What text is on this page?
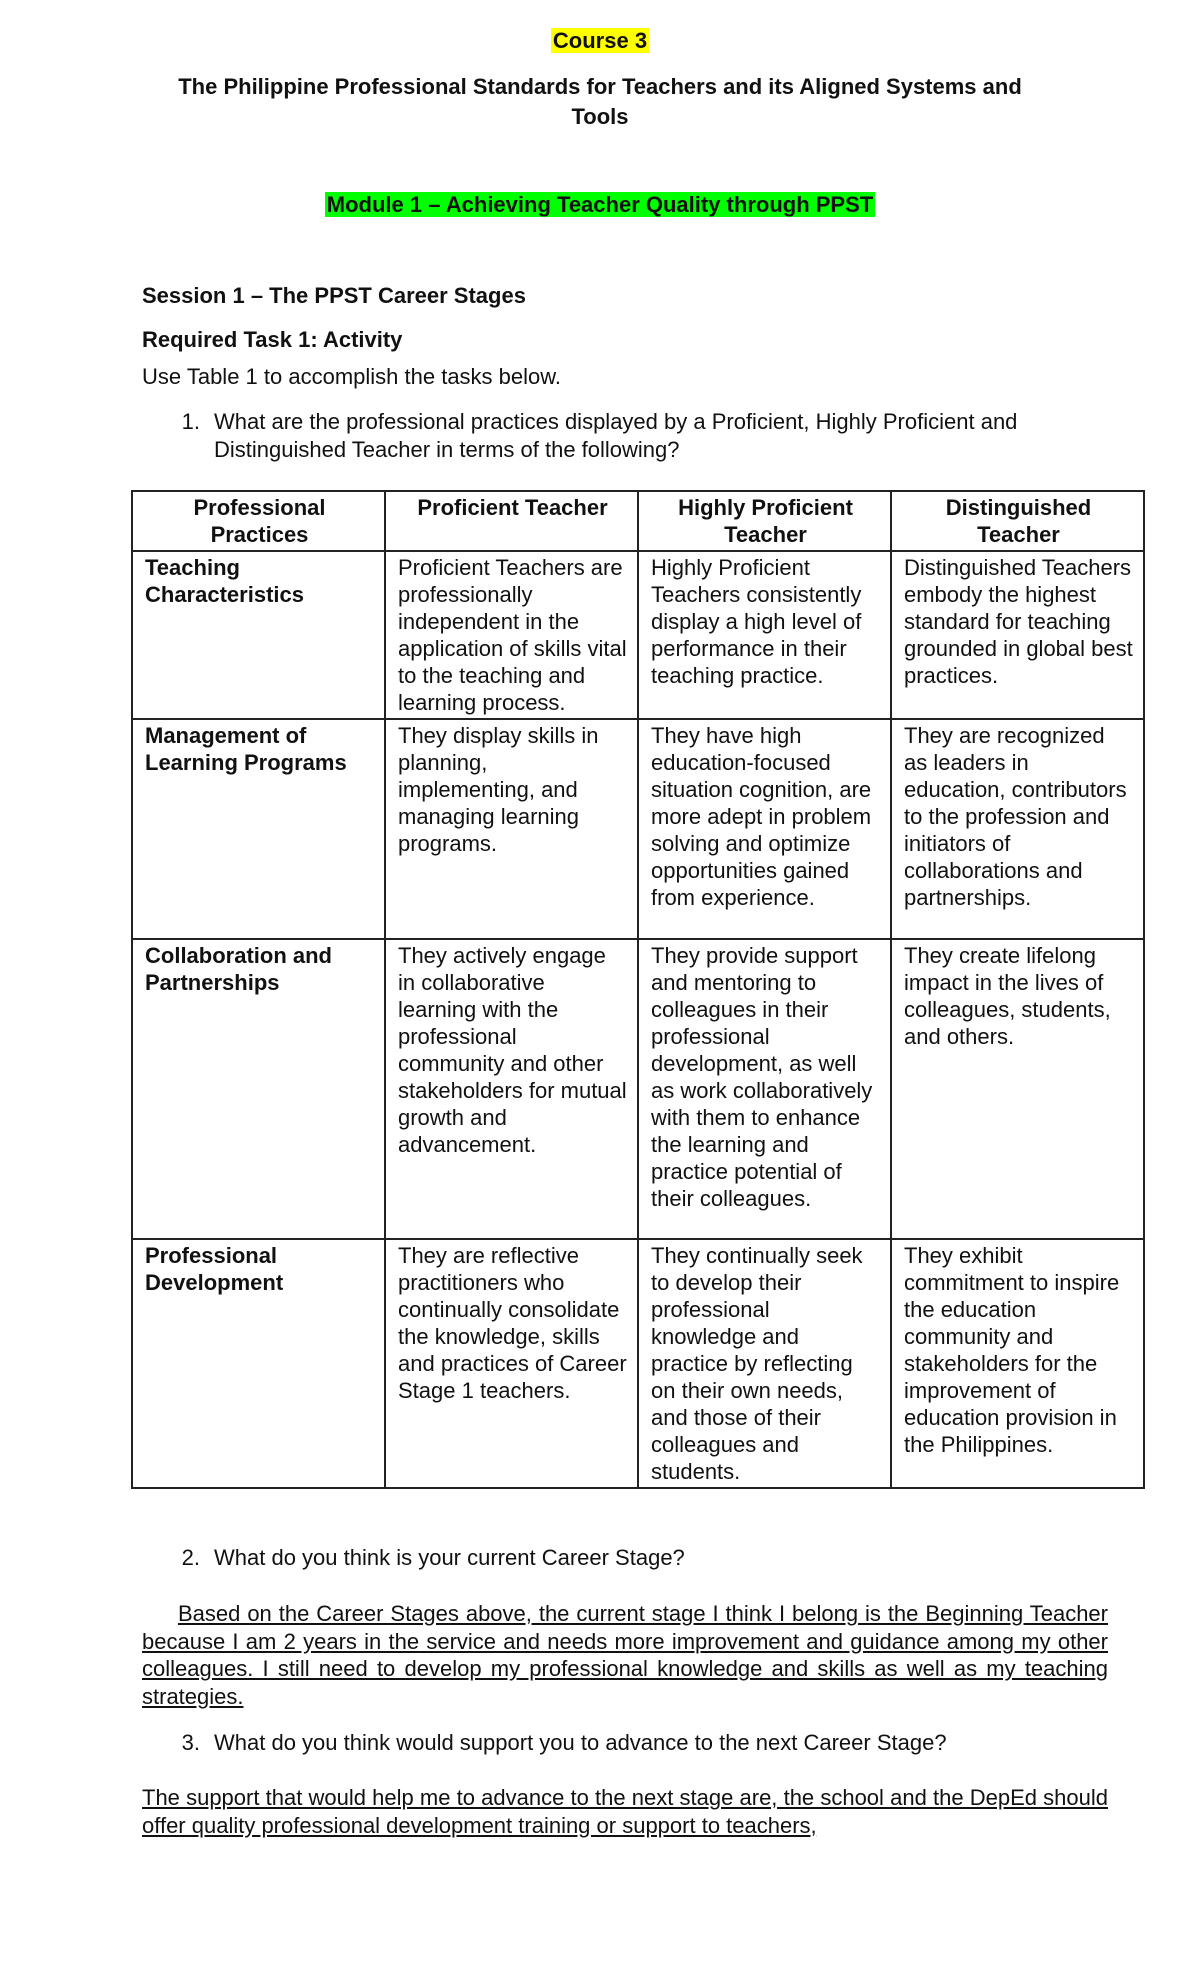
Course 3
The Philippine Professional Standards for Teachers and its Aligned Systems and Tools
Module 1 – Achieving Teacher Quality through PPST
Session 1 – The PPST Career Stages
Required Task 1: Activity
Use Table 1 to accomplish the tasks below.
1. What are the professional practices displayed by a Proficient, Highly Proficient and Distinguished Teacher in terms of the following?
Professional Practices	Proficient Teacher	Highly Proficient Teacher	Distinguished Teacher
Teaching Characteristics	Proficient Teachers are professionally independent in the application of skills vital to the teaching and learning process.	Highly Proficient Teachers consistently display a high level of performance in their teaching practice.	Distinguished Teachers embody the highest standard for teaching grounded in global best practices.
Management of Learning Programs	They display skills in planning, implementing, and managing learning programs.	They have high education-focused situation cognition, are more adept in problem solving and optimize opportunities gained from experience.	They are recognized as leaders in education, contributors to the profession and initiators of collaborations and partnerships.
Collaboration and Partnerships	They actively engage in collaborative learning with the professional community and other stakeholders for mutual growth and advancement.	They provide support and mentoring to colleagues in their professional development, as well as work collaboratively with them to enhance the learning and practice potential of their colleagues.	They create lifelong impact in the lives of colleagues, students, and others.
Professional Development	They are reflective practitioners who continually consolidate the knowledge, skills and practices of Career Stage 1 teachers.	They continually seek to develop their professional knowledge and practice by reflecting on their own needs, and those of their colleagues and students.	They exhibit commitment to inspire the education community and stakeholders for the improvement of education provision in the Philippines.
2. What do you think is your current Career Stage?
Based on the Career Stages above, the current stage I think I belong is the Beginning Teacher because I am 2 years in the service and needs more improvement and guidance among my other colleagues. I still need to develop my professional knowledge and skills as well as my teaching strategies.
3. What do you think would support you to advance to the next Career Stage?
The support that would help me to advance to the next stage are, the school and the DepEd should offer quality professional development training or support to teachers,
